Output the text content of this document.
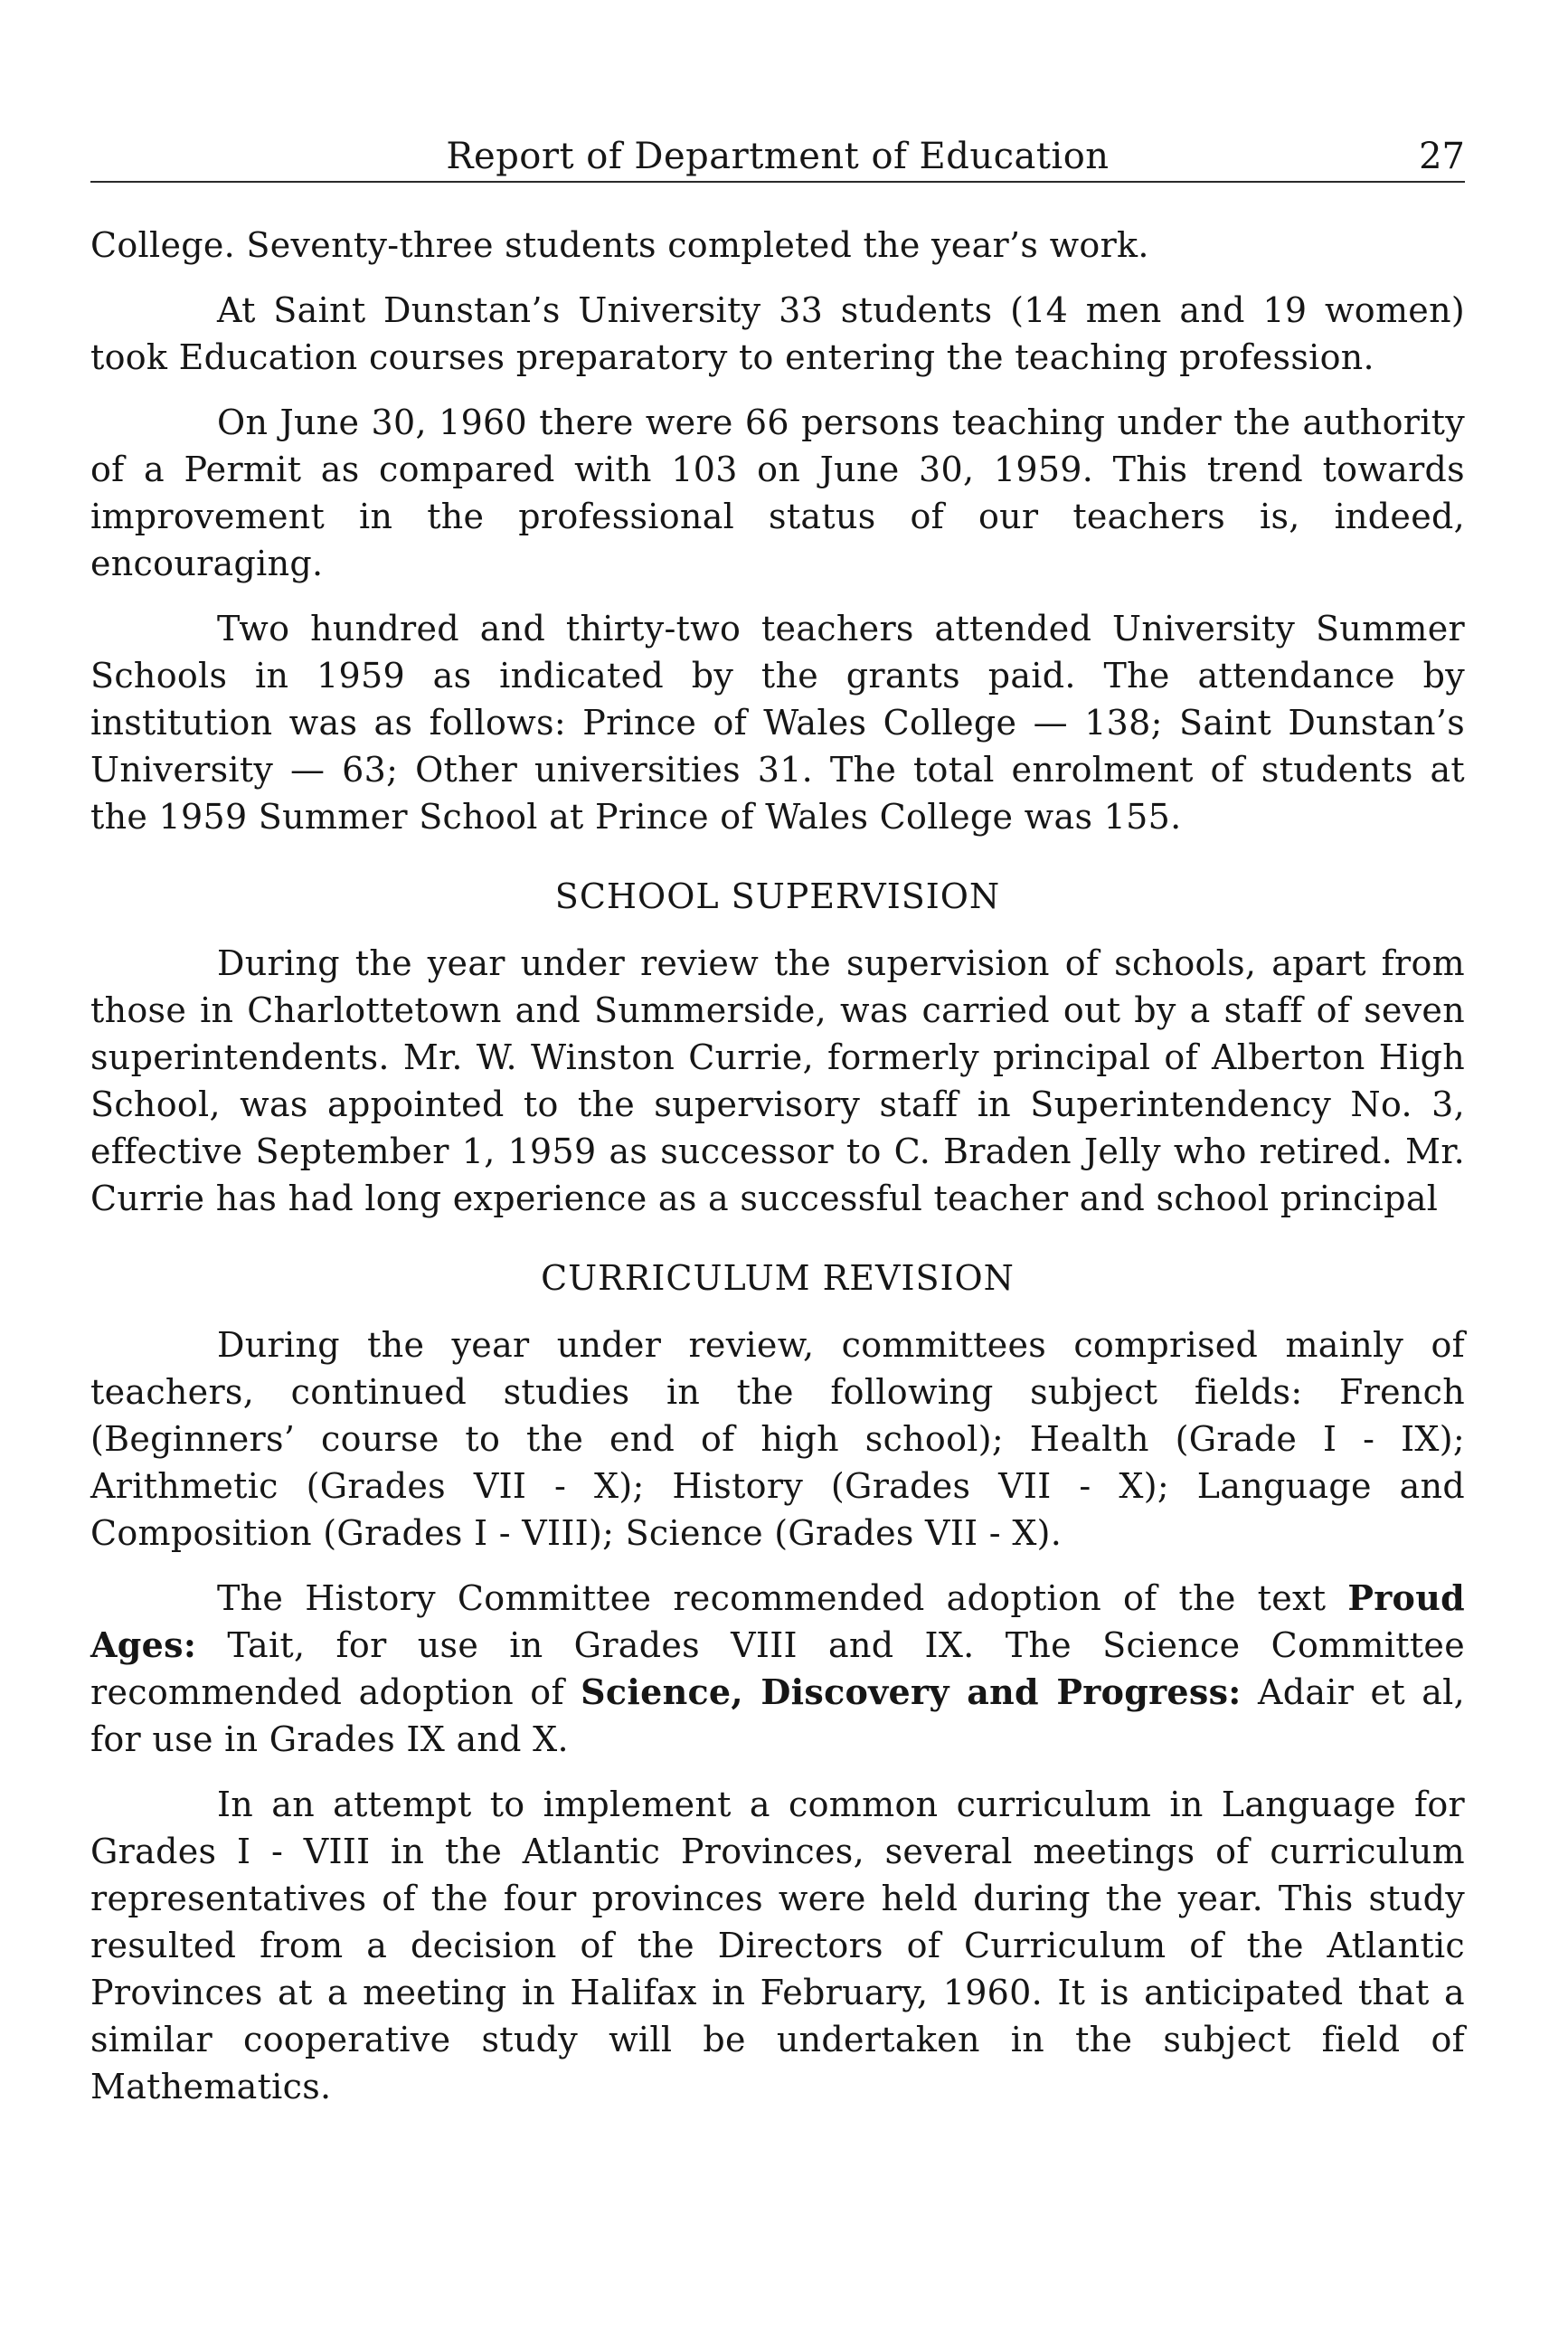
Report of Department of Education	27

College. Seventy-three students completed the year’s work.

At Saint Dunstan’s University 33 students (14 men and 19 women) took Education courses preparatory to entering the teaching profession.

On June 30, 1960 there were 66 persons teaching under the authority of a Permit as compared with 103 on June 30, 1959. This trend towards improvement in the professional status of our teachers is, indeed, encouraging.

Two hundred and thirty-two teachers attended University Summer Schools in 1959 as indicated by the grants paid. The attendance by institution was as follows: Prince of Wales College — 138; Saint Dunstan’s University — 63; Other universities 31. The total enrolment of students at the 1959 Summer School at Prince of Wales College was 155.

SCHOOL SUPERVISION

During the year under review the supervision of schools, apart from those in Charlottetown and Summerside, was carried out by a staff of seven superintendents. Mr. W. Winston Currie, formerly principal of Alberton High School, was appointed to the supervisory staff in Superintendency No. 3, effective September 1, 1959 as successor to C. Braden Jelly who retired. Mr. Currie has had long experience as a successful teacher and school principal

CURRICULUM REVISION

During the year under review, committees comprised mainly of teachers, continued studies in the following subject fields: French (Beginners’ course to the end of high school); Health (Grade I - IX); Arithmetic (Grades VII - X); History (Grades VII - X); Language and Composition (Grades I - VIII); Science (Grades VII - X).

The History Committee recommended adoption of the text Proud Ages: Tait, for use in Grades VIII and IX. The Science Committee recommended adoption of Science, Discovery and Progress: Adair et al, for use in Grades IX and X.

In an attempt to implement a common curriculum in Language for Grades I - VIII in the Atlantic Provinces, several meetings of curriculum representatives of the four provinces were held during the year. This study resulted from a decision of the Directors of Curriculum of the Atlantic Provinces at a meeting in Halifax in February, 1960. It is anticipated that a similar cooperative study will be undertaken in the subject field of Mathematics.
